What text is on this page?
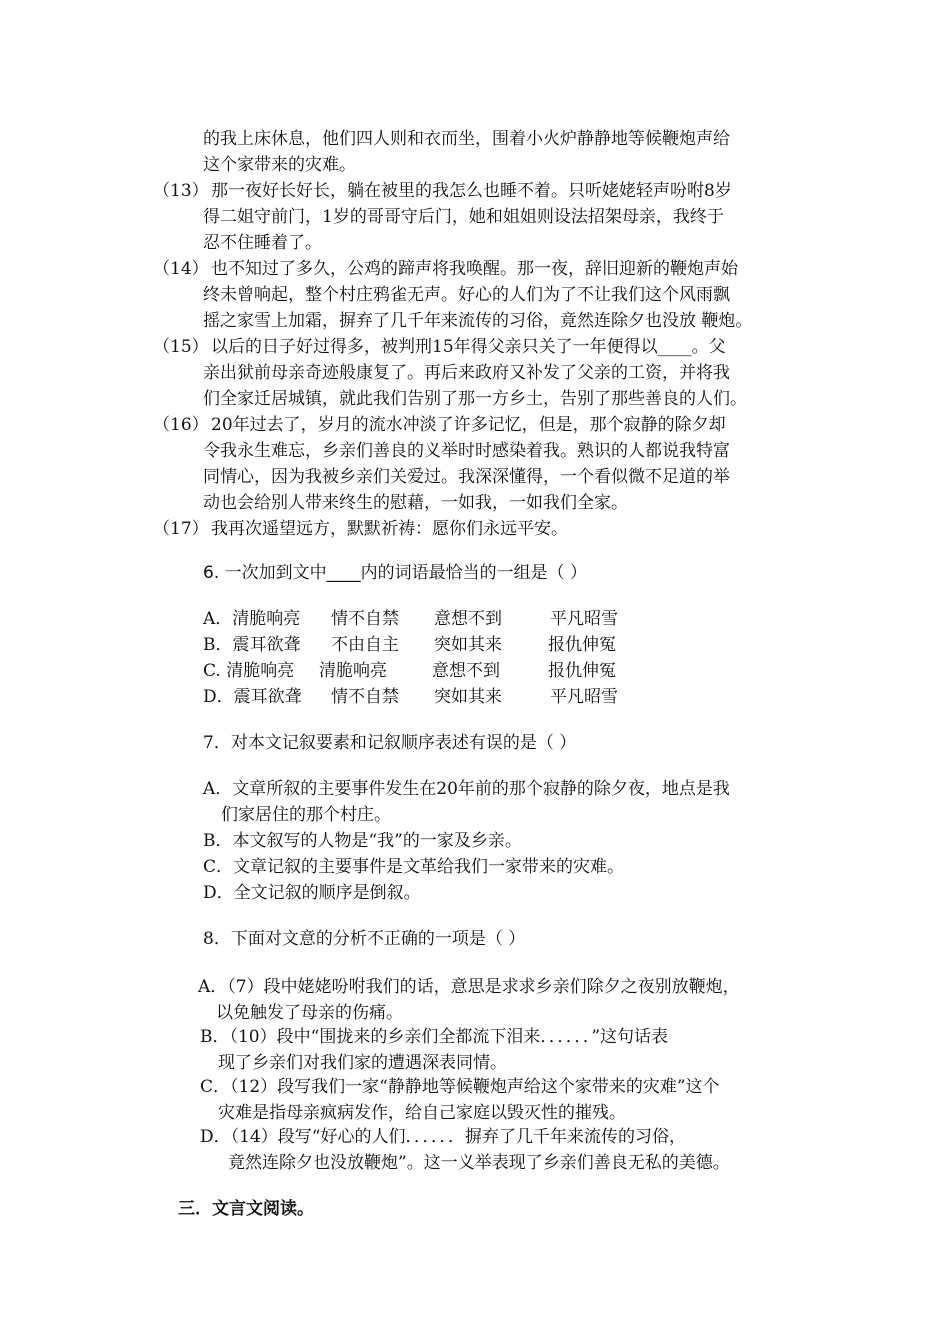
的我上床休息，他们四人则和衣而坐，围着小火炉静静地等候鞭炮声给
这个家带来的灾难。
（13） 那一夜好长好长，躺在被里的我怎么也睡不着。只听姥姥轻声吩咐8岁
得二姐守前门，1岁的哥哥守后门，她和姐姐则设法招架母亲，我终于
忍不住睡着了。
（14） 也不知过了多久，公鸡的蹄声将我唤醒。那一夜，辞旧迎新的鞭炮声始
终未曾响起，整个村庄鸦雀无声。好心的人们为了不让我们这个风雨飘
摇之家雪上加霜，摒弃了几千年来流传的习俗，竟然连除夕也没放 鞭炮。
（15） 以后的日子好过得多，被判刑15年得父亲只关了一年便得以____。父
亲出狱前母亲奇迹般康复了。再后来政府又补发了父亲的工资，并将我
们全家迁居城镇，就此我们告别了那一方乡土，告别了那些善良的人们。
（16） 20年过去了，岁月的流水冲淡了许多记忆，但是，那个寂静的除夕却
令我永生难忘，乡亲们善良的义举时时感染着我。熟识的人都说我特富
同情心，因为我被乡亲们关爱过。我深深懂得，一个看似微不足道的举
动也会给别人带来终生的慰藉，一如我，一如我们全家。
（17） 我再次遥望远方，默默祈祷：愿你们永远平安。
6. 一次加到文中____内的词语最恰当的一组是（ ）
A．清脆响亮 情不自禁 意想不到	平凡昭雪
B．震耳欲聋 不由自主 突如其来	报仇伸冤
C. 清脆响亮 清脆响亮	意想不到	报仇伸冤
D．震耳欲聋 情不自禁 突如其来	平凡昭雪
7．对本文记叙要素和记叙顺序表述有误的是（ ）
A．文章所叙的主要事件发生在20年前的那个寂静的除夕夜，地点是我
们家居住的那个村庄。
B．本文叙写的人物是“我”的一家及乡亲。
C．文章记叙的主要事件是文革给我们一家带来的灾难。
D．全文记叙的顺序是倒叙。
8．下面对文意的分析不正确的一项是（ ）
A．（7）段中姥姥吩咐我们的话，意思是求求乡亲们除夕之夜别放鞭炮，
以免触发了母亲的伤痛。
B．（10）段中“围拢来的乡亲们全都流下泪来．．．．．．”这句话表
现了乡亲们对我们家的遭遇深表同情。
C．（12）段写我们一家“静静地等候鞭炮声给这个家带来的灾难”这个
灾难是指母亲疯病发作，给自己家庭以毁灭性的摧残。
D．（14）段写“好心的人们．．．．．．摒弃了几千年来流传的习俗，
竟然连除夕也没放鞭炮”。这一义举表现了乡亲们善良无私的美德。
三．文言文阅读。
